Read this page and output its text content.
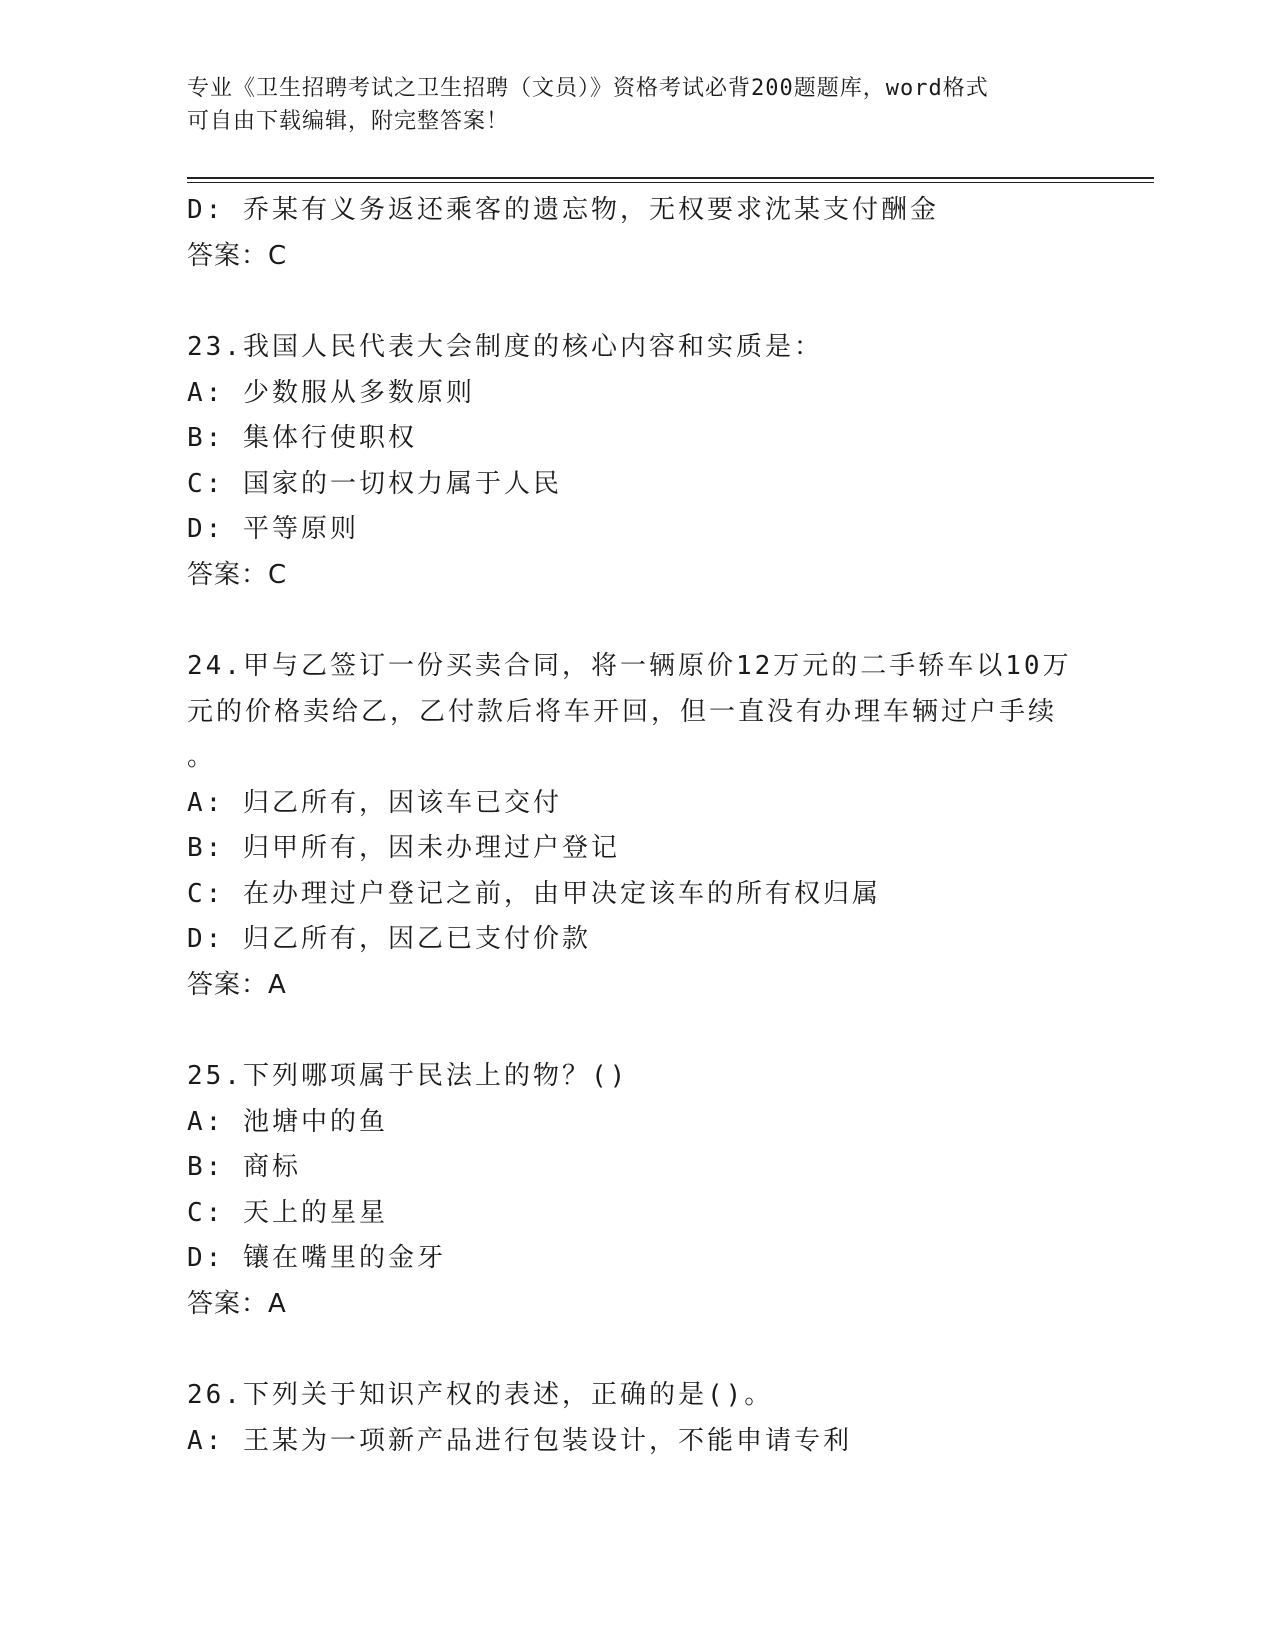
专业《卫生招聘考试之卫生招聘（文员）》资格考试必背200题题库，word格式
可自由下载编辑，附完整答案！
D: 乔某有义务返还乘客的遗忘物，无权要求沈某支付酬金
答案：C
23.我国人民代表大会制度的核心内容和实质是：
A: 少数服从多数原则
B: 集体行使职权
C: 国家的一切权力属于人民
D: 平等原则
答案：C
24.甲与乙签订一份买卖合同，将一辆原价12万元的二手轿车以10万
元的价格卖给乙，乙付款后将车开回，但一直没有办理车辆过户手续
。
A: 归乙所有，因该车已交付
B: 归甲所有，因未办理过户登记
C: 在办理过户登记之前，由甲决定该车的所有权归属
D: 归乙所有，因乙已支付价款
答案：A
25.下列哪项属于民法上的物？()
A: 池塘中的鱼
B: 商标
C: 天上的星星
D: 镶在嘴里的金牙
答案：A
26.下列关于知识产权的表述，正确的是()。
A: 王某为一项新产品进行包装设计，不能申请专利
